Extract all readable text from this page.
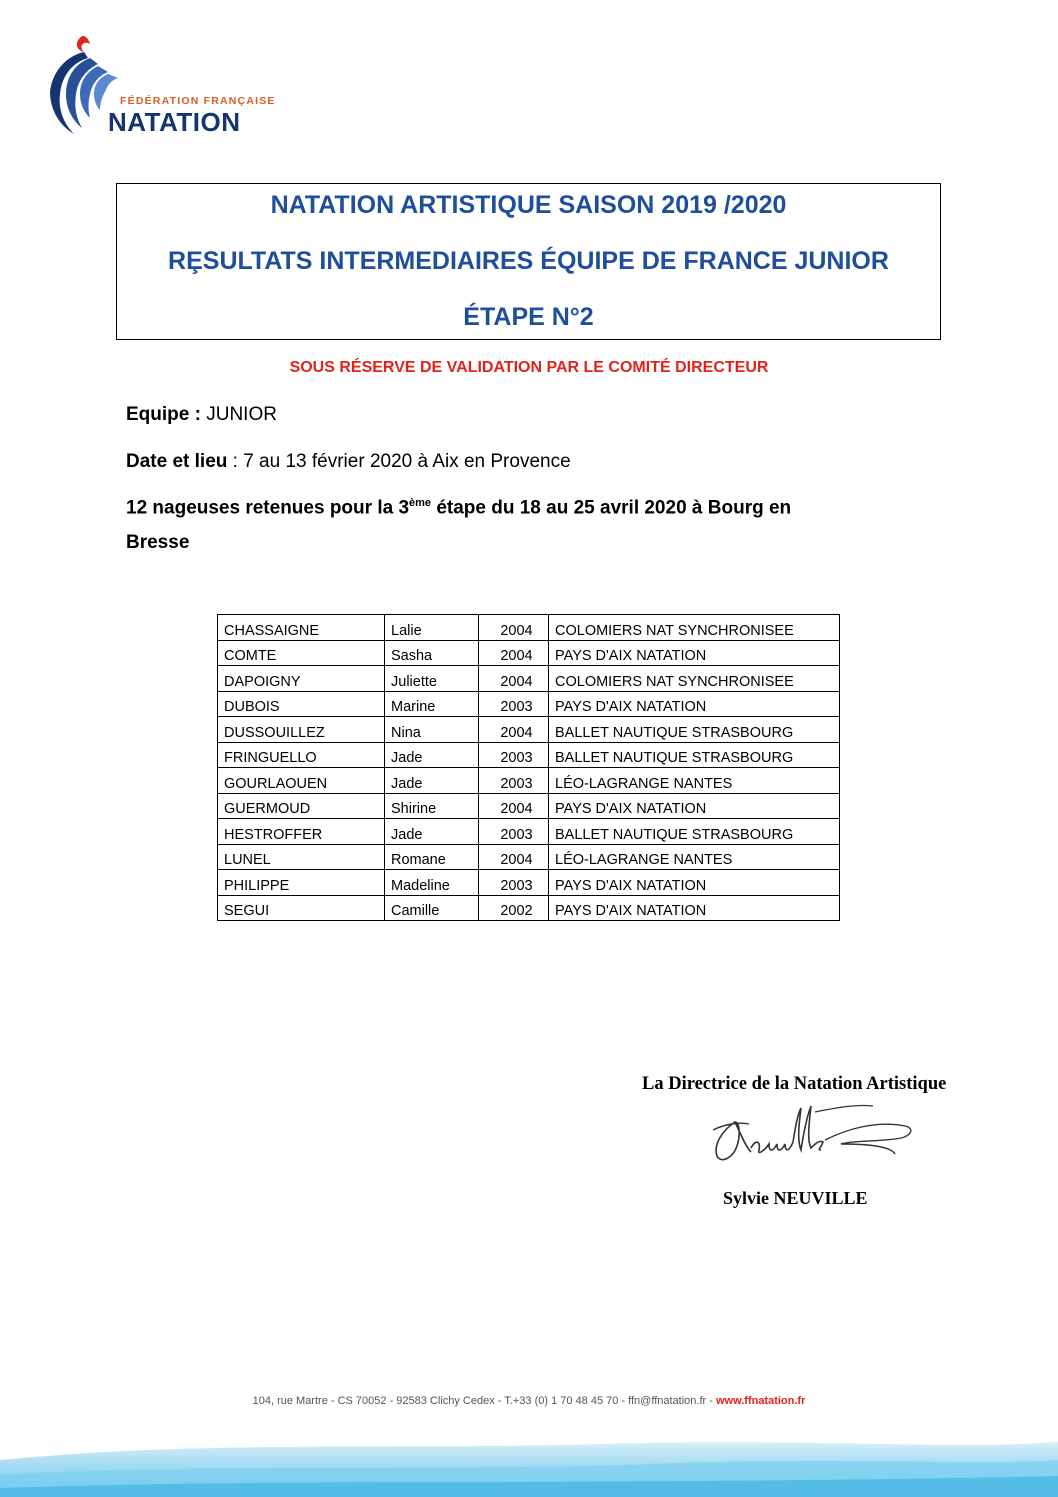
FÉDÉRATION FRANÇAISE
NATATION
NATATION ARTISTIQUE SAISON 2019 /2020
RȨSULTATS INTERMEDIAIRES ÉQUIPE DE FRANCE JUNIOR
ÉTAPE N°2
SOUS RÉSERVE DE VALIDATION PAR LE COMITÉ DIRECTEUR
Equipe : JUNIOR
Date et lieu : 7 au 13 février 2020 à Aix en Provence
12 nageuses retenues pour la 3ème étape du 18 au 25 avril 2020 à Bourg en
Bresse
CHASSAIGNE	Lalie	2004	COLOMIERS NAT SYNCHRONISEE
COMTE	Sasha	2004	PAYS D'AIX NATATION
DAPOIGNY	Juliette	2004	COLOMIERS NAT SYNCHRONISEE
DUBOIS	Marine	2003	PAYS D'AIX NATATION
DUSSOUILLEZ	Nina	2004	BALLET NAUTIQUE STRASBOURG
FRINGUELLO	Jade	2003	BALLET NAUTIQUE STRASBOURG
GOURLAOUEN	Jade	2003	LÉO-LAGRANGE NANTES
GUERMOUD	Shirine	2004	PAYS D'AIX NATATION
HESTROFFER	Jade	2003	BALLET NAUTIQUE STRASBOURG
LUNEL	Romane	2004	LÉO-LAGRANGE NANTES
PHILIPPE	Madeline	2003	PAYS D'AIX NATATION
SEGUI	Camille	2002	PAYS D'AIX NATATION
La Directrice de la Natation Artistique
Sylvie NEUVILLE
104, rue Martre - CS 70052 - 92583 Clichy Cedex - T.+33 (0) 1 70 48 45 70 - ffn@ffnatation.fr - www.ffnatation.fr
